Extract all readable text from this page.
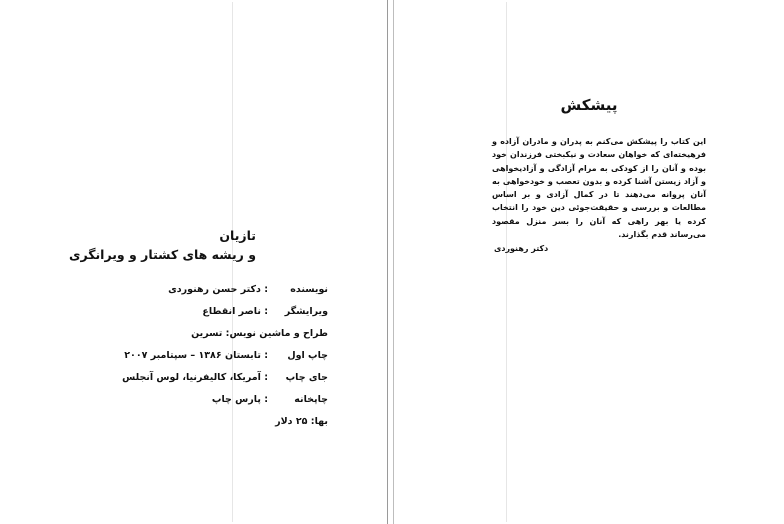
تازیان

و ریشه های کشتار و ویرانگری

نویسنده
: دکتر حسن رهنوردی
ویرایشگر
: ناصر انقطاع
طراح و ماشین نویس: تسرین
چاپ اول
: تابستان ۱۳۸۶ – سپتامبر ۲۰۰۷
جای چاپ
: آمریکا، کالیفرنیا، لوس آنجلس
چاپخانه
: پارس چاپ
بها: ۲۵ دلار
پیشکش

این کتاب را پیشکش می‌کنم به پدران و مادران آزاده و فرهیخته‌ای که خواهان سعادت و نیکبختی فرزندان خود بوده و آنان را از کودکی به مرام آزادگی و آزادیخواهی و آزاد زیستن آشنا کرده و بدون تعصب و خودخواهی به آنان پروانه می‌دهند تا در کمال آزادی و بر اساس مطالعات و بررسی و حقیقت‌جوئی دین خود را انتخاب کرده یا بهر راهی که آنان را بسر منزل مقصود می‌رساند قدم بگذارند.

دکتر رهنوردی
